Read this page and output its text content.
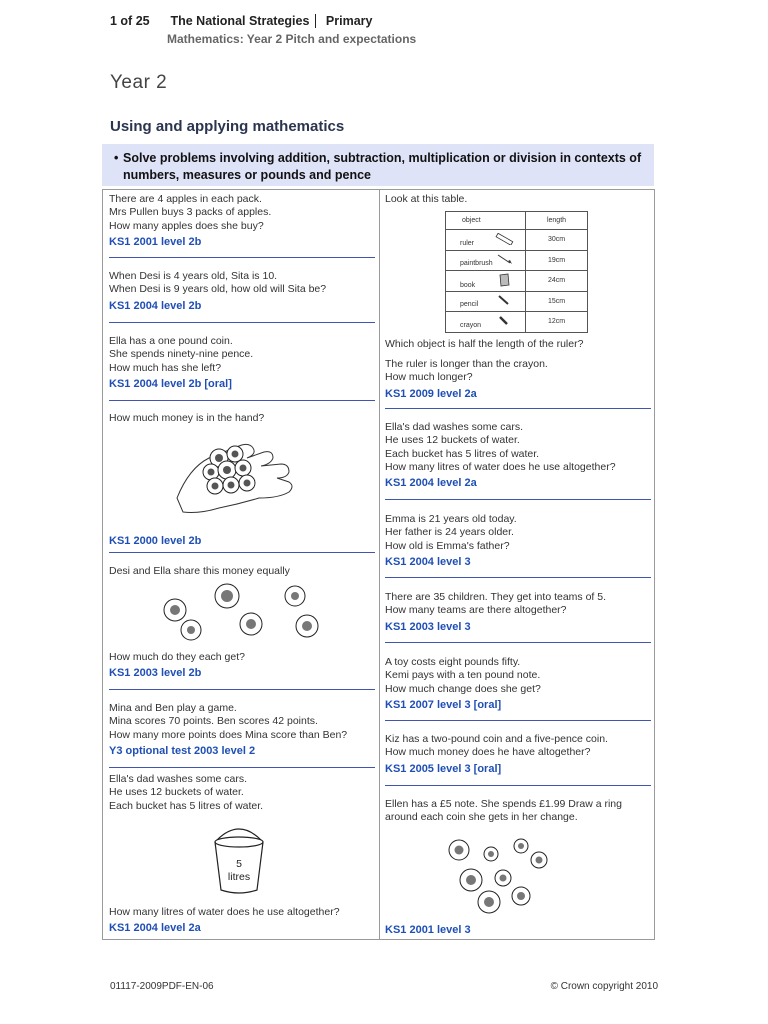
1 of 25 The National Strategies Primary
Mathematics: Year 2 Pitch and expectations
Year 2
Using and applying mathematics
• Solve problems involving addition, subtraction, multiplication or division in contexts of numbers, measures or pounds and pence
There are 4 apples in each pack.
Mrs Pullen buys 3 packs of apples.
How many apples does she buy?
KS1 2001 level 2b
When Desi is 4 years old, Sita is 10.
When Desi is 9 years old, how old will Sita be?
KS1 2004 level 2b
Ella has a one pound coin.
She spends ninety-nine pence.
How much has she left?
KS1 2004 level 2b [oral]
How much money is in the hand?
KS1 2000 level 2b
Desi and Ella share this money equally
How much do they each get?
KS1 2003 level 2b
Mina and Ben play a game.
Mina scores 70 points. Ben scores 42 points.
How many more points does Mina score than Ben?
Y3 optional test 2003 level 2
Ella's dad washes some cars.
He uses 12 buckets of water.
Each bucket has 5 litres of water.
5
litres
How many litres of water does he use altogether?
KS1 2004 level 2a
Look at this table.
object	length
ruler	30cm
paintbrush	19cm
book	24cm
pencil	15cm
crayon	12cm
Which object is half the length of the ruler?
The ruler is longer than the crayon.
How much longer?
KS1 2009 level 2a
Ella's dad washes some cars.
He uses 12 buckets of water.
Each bucket has 5 litres of water.
How many litres of water does he use altogether?
KS1 2004 level 2a
Emma is 21 years old today.
Her father is 24 years older.
How old is Emma's father?
KS1 2004 level 3
There are 35 children. They get into teams of 5.
How many teams are there altogether?
KS1 2003 level 3
A toy costs eight pounds fifty.
Kemi pays with a ten pound note.
How much change does she get?
KS1 2007 level 3 [oral]
Kiz has a two-pound coin and a five-pence coin.
How much money does he have altogether?
KS1 2005 level 3 [oral]
Ellen has a £5 note. She spends £1.99 Draw a ring
around each coin she gets in her change.
KS1 2001 level 3
01117-2009PDF-EN-06	© Crown copyright 2010
